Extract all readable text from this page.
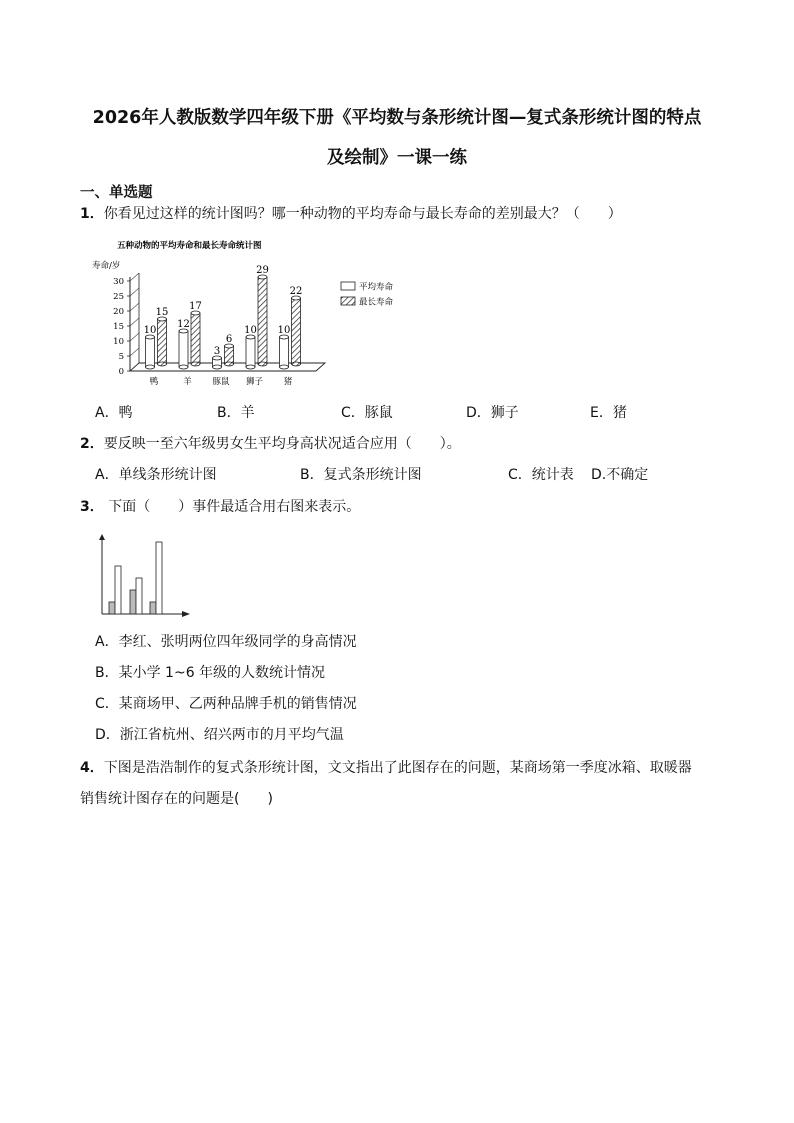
2026年人教版数学四年级下册《平均数与条形统计图—复式条形统计图的特点
及绘制》一课一练
一、单选题
1．你看见过这样的统计图吗？哪一种动物的平均寿命与最长寿命的差别最大？（　　）
五种动物的平均寿命和最长寿命统计图
寿命/岁
0
5
10
15
20
25
30
10
15
鸭
12
17
羊
3
6
豚鼠
10
29
狮子
10
22
猪
平均寿命
最长寿命
A．鸭	B．羊	C．豚鼠	D．狮子	E．猪
2．要反映一至六年级男女生平均身高状况适合应用（　　）。
A．单线条形统计图	B．复式条形统计图	C．统计表 D.不确定
3． 下面（　　）事件最适合用右图来表示。
A．李红、张明两位四年级同学的身高情况
B．某小学 1~6 年级的人数统计情况
C．某商场甲、乙两种品牌手机的销售情况
D．浙江省杭州、绍兴两市的月平均气温
4．下图是浩浩制作的复式条形统计图，文文指出了此图存在的问题，某商场第一季度冰箱、取暖器
销售统计图存在的问题是(　　)
